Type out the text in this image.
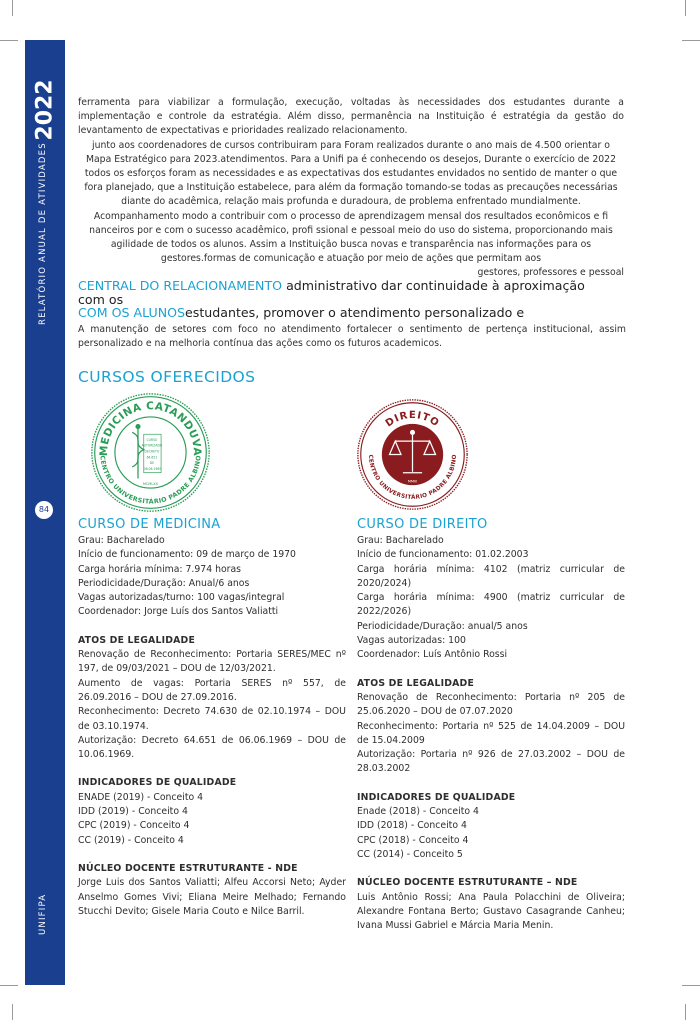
2022
RELATÓRIO ANUAL DE ATIVIDADES
84
UNIFIPA

ferramenta para viabilizar a formulação, execução, voltadas às necessidades dos estudantes durante a implementação e controle da estratégia. Além disso, permanência na Instituição é estratégia da gestão do levantamento de expectativas e prioridades realizado relacionamento.

junto aos coordenadores de cursos contribuiram para Foram realizados durante o ano mais de 4.500 orientar o Mapa Estratégico para 2023.atendimentos. Para a Unifi pa é conhecendo os desejos, Durante o exercício de 2022 todos os esforços foram as necessidades e as expectativas dos estudantes envidados no sentido de manter o que fora planejado, que a Instituição estabelece, para além da formação tomando-se todas as precauções necessárias diante do acadêmica, relação mais profunda e duradoura, de problema enfrentado mundialmente. Acompanhamento modo a contribuir com o processo de aprendizagem mensal dos resultados econômicos e fi nanceiros por e com o sucesso acadêmico, profi ssional e pessoal meio do uso do sistema, proporcionando mais agilidade de todos os alunos. Assim a Instituição busca novas e transparência nas informações para os gestores.formas de comunicação e atuação por meio de ações que permitam aos

gestores, professores e pessoal

CENTRAL DO RELACIONAMENTO administrativo dar continuidade à aproximação
com os
COM OS ALUNOSestudantes, promover o atendimento personalizado e
A manutenção de setores com foco no atendimento fortalecer o sentimento de pertença institucional, assim personalizado e na melhoria contínua das ações como os futuros academicos.
CURSOS OFERECIDOS
MEDICINA CATANDUVA
CENTRO UNIVERSITÁRIO PADRE ALBINO
CURSO AUTORIZADO DECRETO 64.651 DE 06.06.1969
MCMLXX
DIREITO
CENTRO UNIVERSITÁRIO PADRE ALBINO
MMIII
CURSO DE MEDICINA

Grau: Bacharelado

Início de funcionamento: 09 de março de 1970

Carga horária mínima: 7.974 horas

Periodicidade/Duração: Anual/6 anos

Vagas autorizadas/turno: 100 vagas/integral

Coordenador: Jorge Luís dos Santos Valiatti

ATOS DE LEGALIDADE

Renovação de Reconhecimento: Portaria SERES/MEC nº 197, de 09/03/2021 – DOU de 12/03/2021.

Aumento de vagas: Portaria SERES nº 557, de 26.09.2016 – DOU de 27.09.2016.

Reconhecimento: Decreto 74.630 de 02.10.1974 – DOU de 03.10.1974.

Autorização: Decreto 64.651 de 06.06.1969 – DOU de 10.06.1969.

INDICADORES DE QUALIDADE

ENADE (2019) - Conceito 4

IDD (2019) - Conceito 4

CPC (2019) - Conceito 4

CC (2019) - Conceito 4

NÚCLEO DOCENTE ESTRUTURANTE - NDE

Jorge Luis dos Santos Valiatti; Alfeu Accorsi Neto; Ayder Anselmo Gomes Vivi; Eliana Meire Melhado; Fernando Stucchi Devito; Gisele Maria Couto e Nilce Barril.

CURSO DE DIREITO

Grau: Bacharelado

Início de funcionamento: 01.02.2003

Carga horária mínima: 4102 (matriz curricular de 2020/2024)

Carga horária mínima: 4900 (matriz curricular de 2022/2026)

Periodicidade/Duração: anual/5 anos

Vagas autorizadas: 100

Coordenador: Luís Antônio Rossi

ATOS DE LEGALIDADE

Renovação de Reconhecimento: Portaria nº 205 de 25.06.2020 – DOU de 07.07.2020

Reconhecimento: Portaria nº 525 de 14.04.2009 – DOU de 15.04.2009

Autorização: Portaria nº 926 de 27.03.2002 – DOU de 28.03.2002

INDICADORES DE QUALIDADE

Enade (2018) - Conceito 4

IDD (2018) - Conceito 4

CPC (2018) - Conceito 4

CC (2014) - Conceito 5

NÚCLEO DOCENTE ESTRUTURANTE – NDE

Luis Antônio Rossi; Ana Paula Polacchini de Oliveira; Alexandre Fontana Berto; Gustavo Casagrande Canheu; Ivana Mussi Gabriel e Márcia Maria Menin.
